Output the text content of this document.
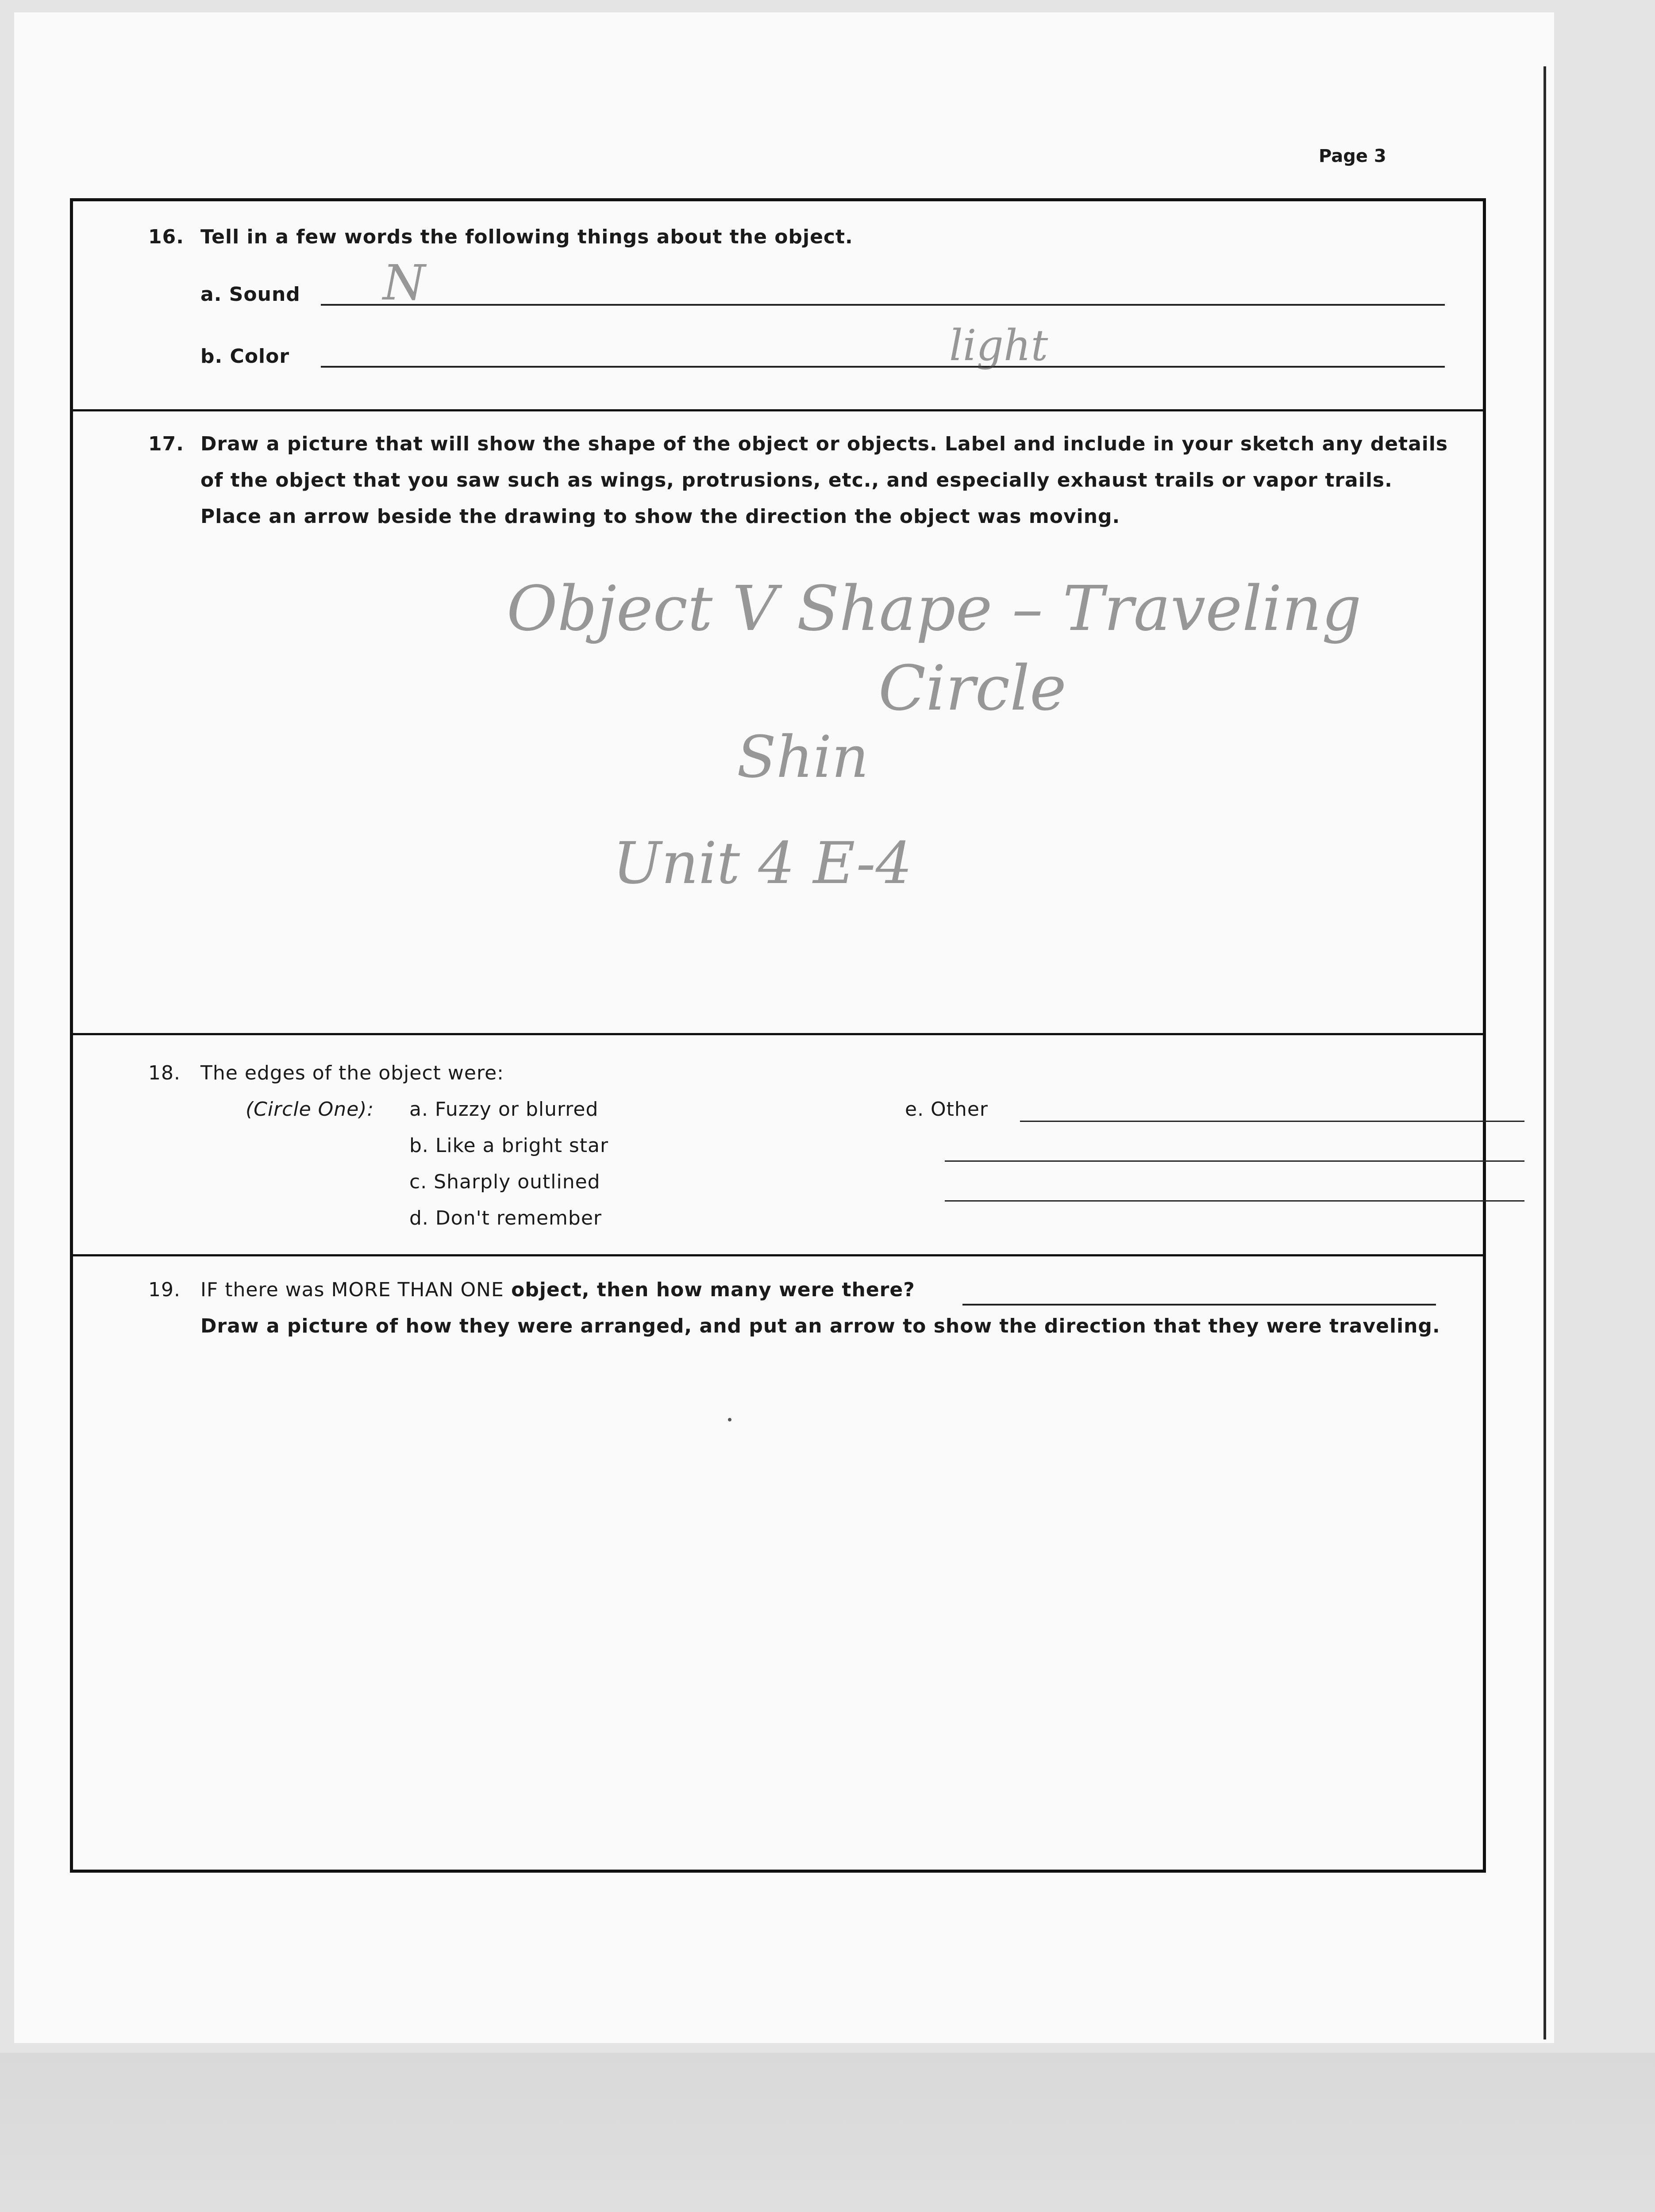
Page 3
16. Tell in a few words the following things about the object.
a. Sound N
b. Color	light
17. Draw a picture that will show the shape of the object or objects. Label and include in your sketch any details
of the object that you saw such as wings, protrusions, etc., and especially exhaust trails or vapor trails.
Place an arrow beside the drawing to show the direction the object was moving.
Object V Shape – Traveling
Circle
Shin
Unit 4 E-4
18. The edges of the object were:
(Circle One): a. Fuzzy or blurred
b. Like a bright star
c. Sharply outlined
d. Don't remember
e. Other
19. IF there was MORE THAN ONE object, then how many were there?
Draw a picture of how they were arranged, and put an arrow to show the direction that they were traveling.
